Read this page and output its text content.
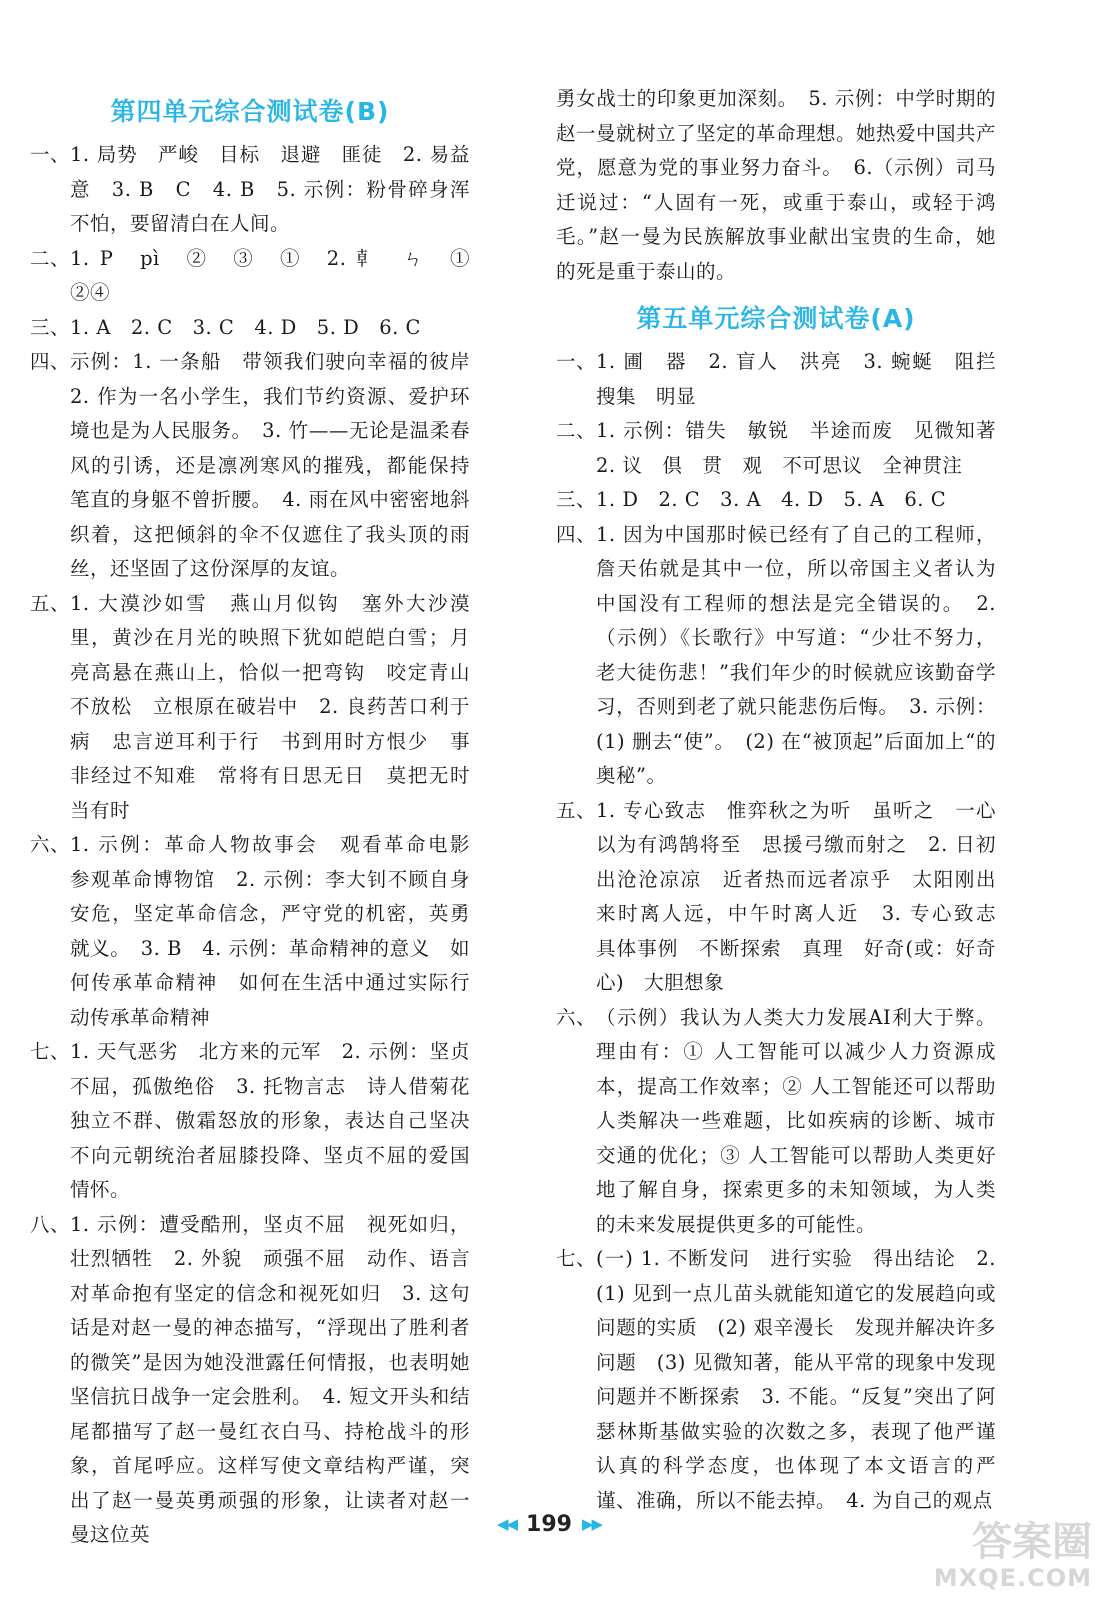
第四单元综合测试卷(B)
一、 1. 局势　严峻　目标　退避　匪徒　2. 易益　意　3. B　C　4. B　5. 示例：粉骨碎身浑不怕，要留清白在人间。
二、 1. P　pì　②　③　①　2. 龺　ㄣ　①　②④
三、 1. A　2. C　3. C　4. D　5. D　6. C
四、 示例：1. 一条船　带领我们驶向幸福的彼岸　2. 作为一名小学生，我们节约资源、爱护环境也是为人民服务。　3. 竹——无论是温柔春风的引诱，还是凛冽寒风的摧残，都能保持笔直的身躯不曾折腰。　4. 雨在风中密密地斜织着，这把倾斜的伞不仅遮住了我头顶的雨丝，还坚固了这份深厚的友谊。
五、 1. 大漠沙如雪　燕山月似钩　塞外大沙漠里，黄沙在月光的映照下犹如皑皑白雪；月亮高悬在燕山上，恰似一把弯钩　咬定青山不放松　立根原在破岩中　2. 良药苦口利于病　忠言逆耳利于行　书到用时方恨少　事非经过不知难　常将有日思无日　莫把无时当有时
六、 1. 示例：革命人物故事会　观看革命电影　参观革命博物馆　2. 示例：李大钊不顾自身安危，坚定革命信念，严守党的机密，英勇就义。　3. B　4. 示例：革命精神的意义　如何传承革命精神　如何在生活中通过实际行动传承革命精神
七、 1. 天气恶劣　北方来的元军　2. 示例：坚贞不屈，孤傲绝俗　3. 托物言志　诗人借菊花独立不群、傲霜怒放的形象，表达自己坚决不向元朝统治者屈膝投降、坚贞不屈的爱国情怀。
八、 1. 示例：遭受酷刑，坚贞不屈　视死如归，壮烈牺牲　2. 外貌　顽强不屈　动作、语言　对革命抱有坚定的信念和视死如归　3. 这句话是对赵一曼的神态描写，“浮现出了胜利者的微笑”是因为她没泄露任何情报，也表明她坚信抗日战争一定会胜利。　4. 短文开头和结尾都描写了赵一曼红衣白马、持枪战斗的形象，首尾呼应。这样写使文章结构严谨，突出了赵一曼英勇顽强的形象，让读者对赵一曼这位英
勇女战士的印象更加深刻。　5. 示例：中学时期的赵一曼就树立了坚定的革命理想。她热爱中国共产党，愿意为党的事业努力奋斗。　6.（示例）司马迁说过：“人固有一死，或重于泰山，或轻于鸿毛。”赵一曼为民族解放事业献出宝贵的生命，她的死是重于泰山的。
第五单元综合测试卷(A)
一、 1. 圃　器　2. 盲人　洪亮　3. 蜿蜒　阻拦　搜集　明显
二、 1. 示例：错失　敏锐　半途而废　见微知著　2. 议　倶　贯　观　不可思议　全神贯注
三、 1. D　2. C　3. A　4. D　5. A　6. C
四、 1. 因为中国那时候已经有了自己的工程师，詹天佑就是其中一位，所以帝国主义者认为中国没有工程师的想法是完全错误的。　2.（示例）《长歌行》中写道：“少壮不努力，老大徒伤悲！”我们年少的时候就应该勤奋学习，否则到老了就只能悲伤后悔。　3. 示例：(1) 删去“使”。　(2) 在“被顶起”后面加上“的奥秘”。
五、 1. 专心致志　惟弈秋之为听　虽听之　一心以为有鸿鹄将至　思援弓缴而射之　2. 日初出沧沧凉凉　近者热而远者凉乎　太阳刚出来时离人远，中午时离人近　3. 专心致志　具体事例　不断探索　真理　好奇(或：好奇心)　大胆想象
六、 （示例）我认为人类大力发展AI利大于弊。理由有：① 人工智能可以减少人力资源成本，提高工作效率；② 人工智能还可以帮助人类解决一些难题，比如疾病的诊断、城市交通的优化；③ 人工智能可以帮助人类更好地了解自身，探索更多的未知领域，为人类的未来发展提供更多的可能性。
七、 (一) 1. 不断发问　进行实验　得出结论　2. (1) 见到一点儿苗头就能知道它的发展趋向或问题的实质　(2) 艰辛漫长　发现并解决许多问题　(3) 见微知著，能从平常的现象中发现问题并不断探索　3. 不能。“反复”突出了阿瑟林斯基做实验的次数之多，表现了他严谨认真的科学态度，也体现了本文语言的严谨、准确，所以不能去掉。　4. 为自己的观点
◀◀ 199 ▶▶	答案圈
MXQE.COM
